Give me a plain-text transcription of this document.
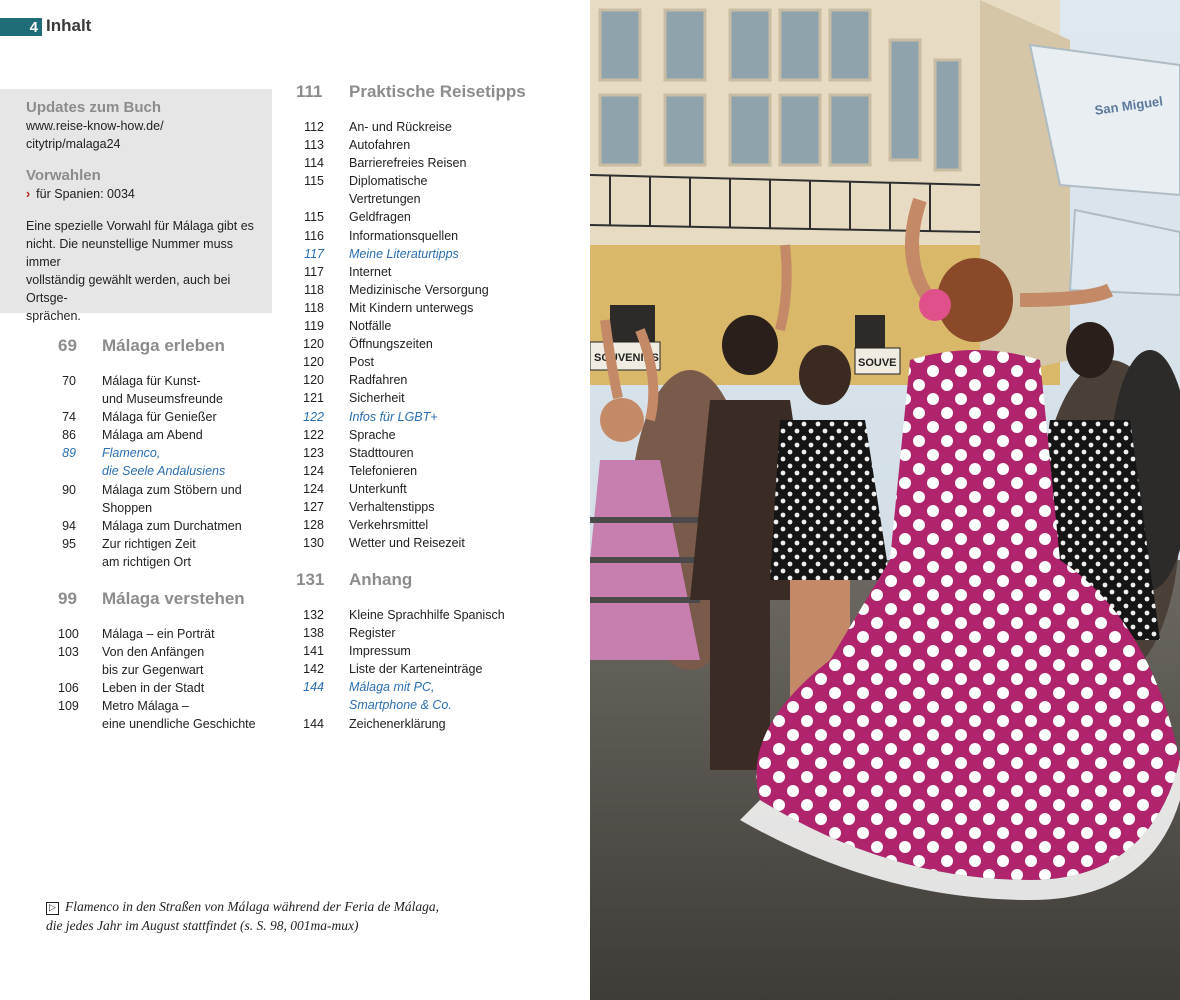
4 Inhalt
Updates zum Buch
www.reise-know-how.de/
citytrip/malaga24
Vorwahlen
› für Spanien: 0034
Eine spezielle Vorwahl für Málaga gibt es
nicht. Die neunstellige Nummer muss immer
vollständig gewählt werden, auch bei Ortsge-
sprächen.
69 Málaga erleben
70 Málaga für Kunst-
und Museumsfreunde
74 Málaga für Genießer
86 Málaga am Abend
89 Flamenco,
die Seele Andalusiens
90 Málaga zum Stöbern und
Shoppen
94 Málaga zum Durchatmen
95 Zur richtigen Zeit
am richtigen Ort
99 Málaga verstehen
100 Málaga – ein Porträt
103 Von den Anfängen
bis zur Gegenwart
106 Leben in der Stadt
109 Metro Málaga –
eine unendliche Geschichte
111 Praktische Reisetipps
112 An- und Rückreise
113 Autofahren
114 Barrierefreies Reisen
115 Diplomatische
Vertretungen
115 Geldfragen
116 Informationsquellen
117 Meine Literaturtipps
117 Internet
118 Medizinische Versorgung
118 Mit Kindern unterwegs
119 Notfälle
120 Öffnungszeiten
120 Post
120 Radfahren
121 Sicherheit
122 Infos für LGBT+
122 Sprache
123 Stadttouren
124 Telefonieren
124 Unterkunft
127 Verhaltenstipps
128 Verkehrsmittel
130 Wetter und Reisezeit
131 Anhang
132 Kleine Sprachhilfe Spanisch
138 Register
141 Impressum
142 Liste der Karteneinträge
144 Málaga mit PC,
Smartphone & Co.
144 Zeichenerklärung
▷ Flamenco in den Straßen von Málaga während der Feria de Málaga,
die jedes Jahr im August stattfindet (s. S. 98, 001ma-mux)
SOUVENIRS	SOUVE
San Miguel
